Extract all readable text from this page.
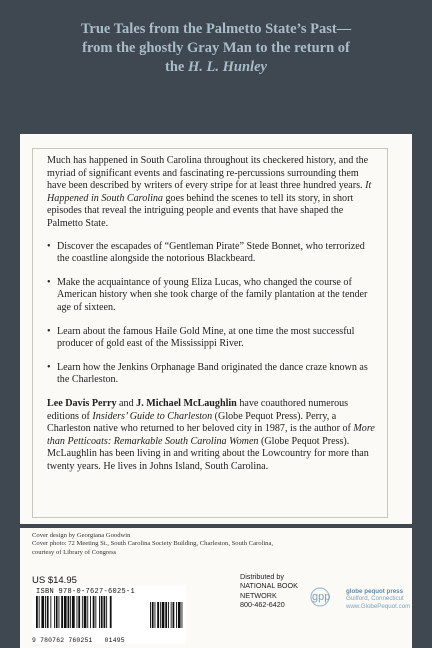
True Tales from the Palmetto State’s Past—
from the ghostly Gray Man to the return of
the H. L. Hunley

Much has happened in South Carolina throughout its checkered history, and the myriad of significant events and fascinating re-percussions surrounding them have been described by writers of every stripe for at least three hundred years. It Happened in South Carolina goes behind the scenes to tell its story, in short episodes that reveal the intriguing people and events that have shaped the Palmetto State.

• Discover the escapades of “Gentleman Pirate” Stede Bonnet, who terrorized the coastline alongside the notorious Blackbeard.
• Make the acquaintance of young Eliza Lucas, who changed the course of American history when she took charge of the family plantation at the tender age of sixteen.
• Learn about the famous Haile Gold Mine, at one time the most successful producer of gold east of the Mississippi River.
• Learn how the Jenkins Orphanage Band originated the dance craze known as the Charleston.

Lee Davis Perry and J. Michael McLaughlin have coauthored numerous editions of Insiders’ Guide to Charleston (Globe Pequot Press). Perry, a Charleston native who returned to her beloved city in 1987, is the author of More than Petticoats: Remarkable South Carolina Women (Globe Pequot Press). McLaughlin has been living in and writing about the Lowcountry for more than twenty years. He lives in Johns Island, South Carolina.

Cover design by Georgiana Goodwin
Cover photo: 72 Meeting St., South Carolina Society Building, Charleston, South Carolina,
courtesy of Library of Congress
US $14.95
ISBN 978-0-7627-6025-1
9 780762 760251 01495
Distributed by
NATIONAL BOOK
NETWORK
800-462-6420
gpp	globe pequot press
Guilford, Connecticut
www.GlobePequot.com
